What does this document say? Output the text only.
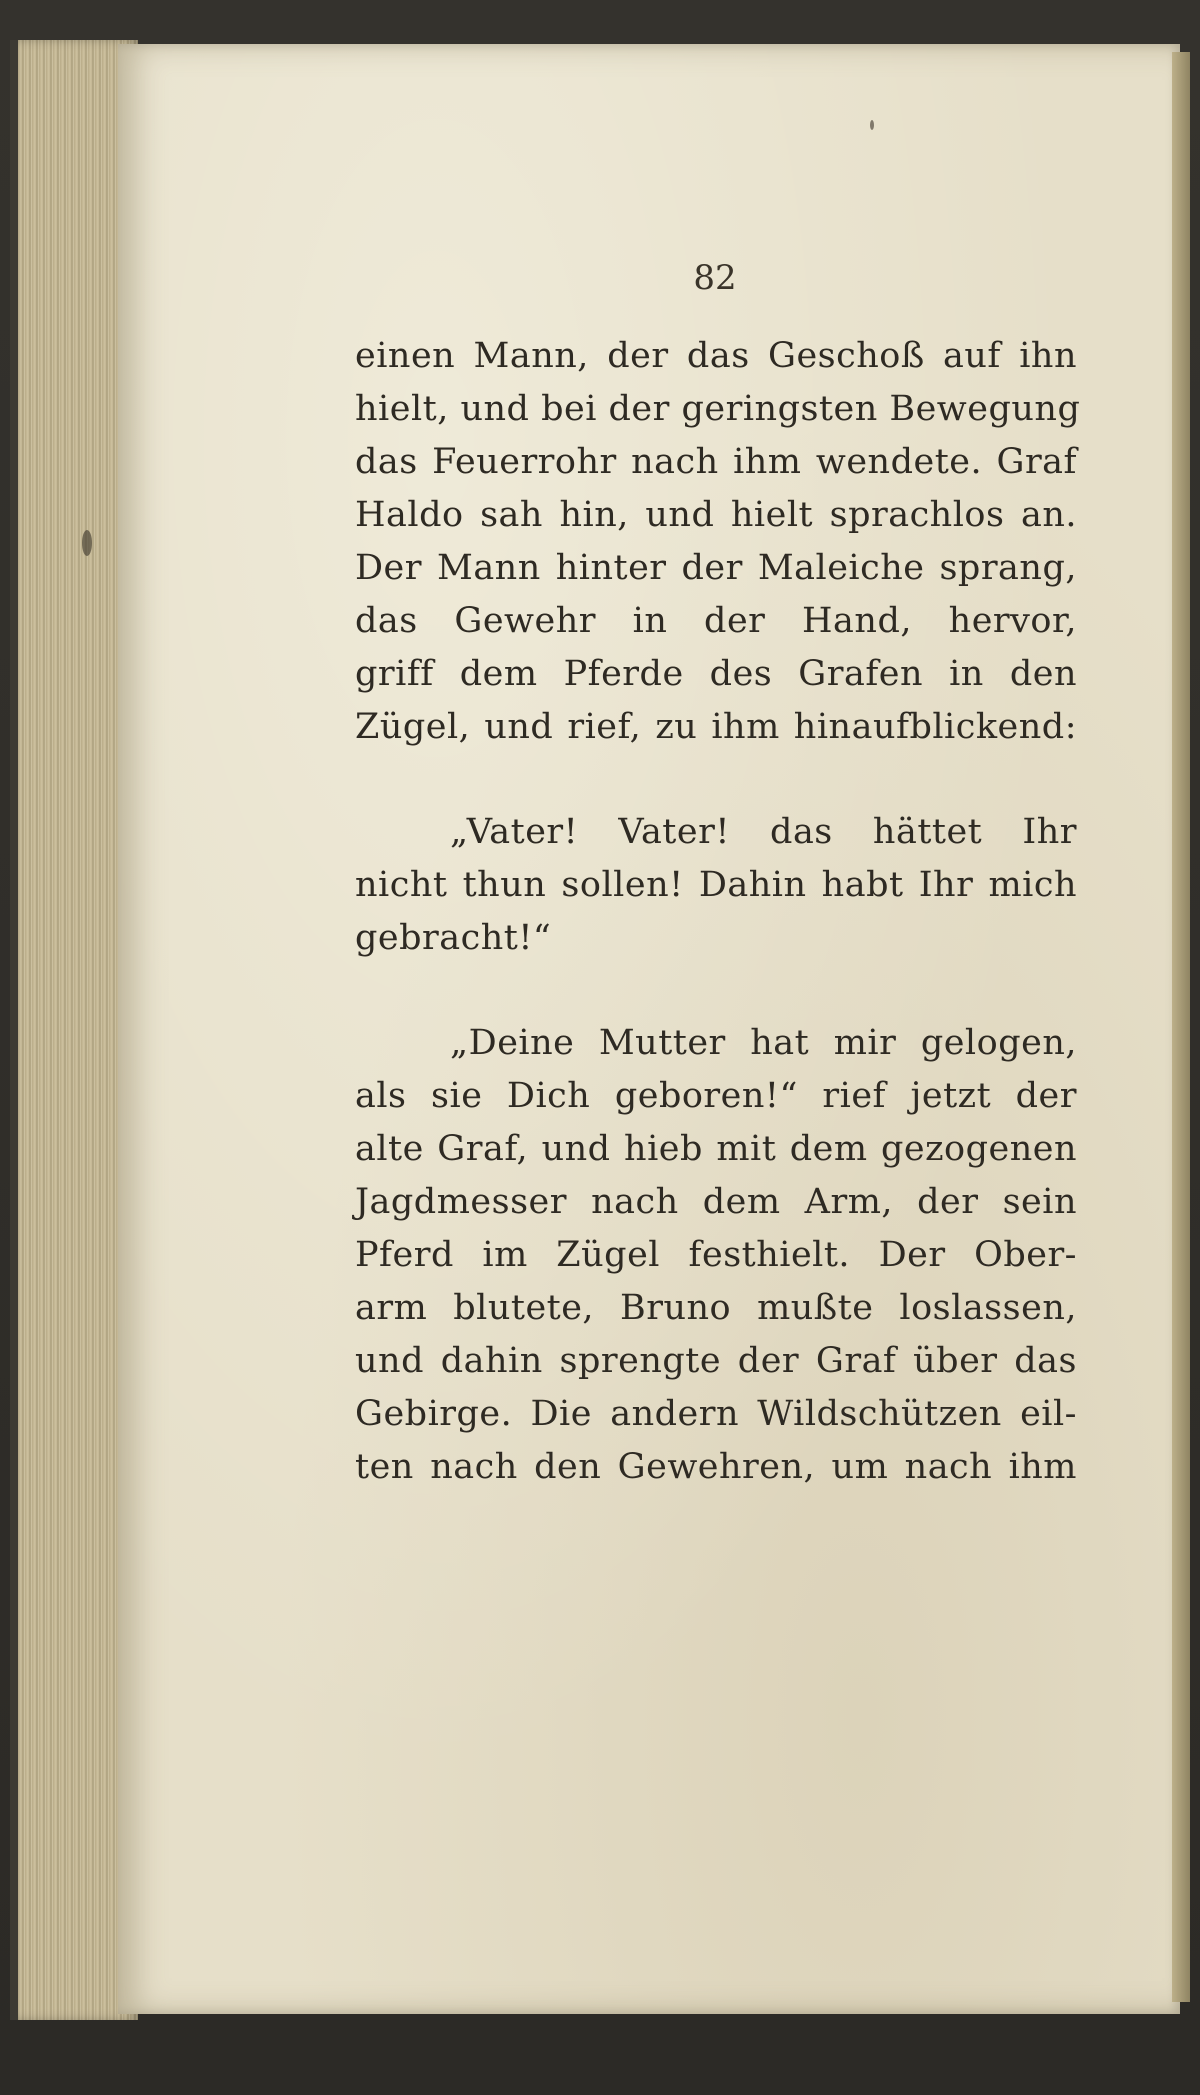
82

einen Mann, der das Geschoß auf ihn
hielt, und bei der geringsten Bewegung
das Feuerrohr nach ihm wendete. Graf
Haldo sah hin, und hielt sprachlos an.
Der Mann hinter der Maleiche sprang,
das Gewehr in der Hand, hervor,
griff dem Pferde des Grafen in den
Zügel, und rief, zu ihm hinaufblickend:

„Vater! Vater! das hättet Ihr

nicht thun sollen! Dahin habt Ihr mich
gebracht!“

„Deine Mutter hat mir gelogen,

als sie Dich geboren!“ rief jetzt der
alte Graf, und hieb mit dem gezogenen
Jagdmesser nach dem Arm, der sein
Pferd im Zügel festhielt. Der Ober-
arm blutete, Bruno mußte loslassen,
und dahin sprengte der Graf über das
Gebirge. Die andern Wildschützen eil-
ten nach den Gewehren, um nach ihm
